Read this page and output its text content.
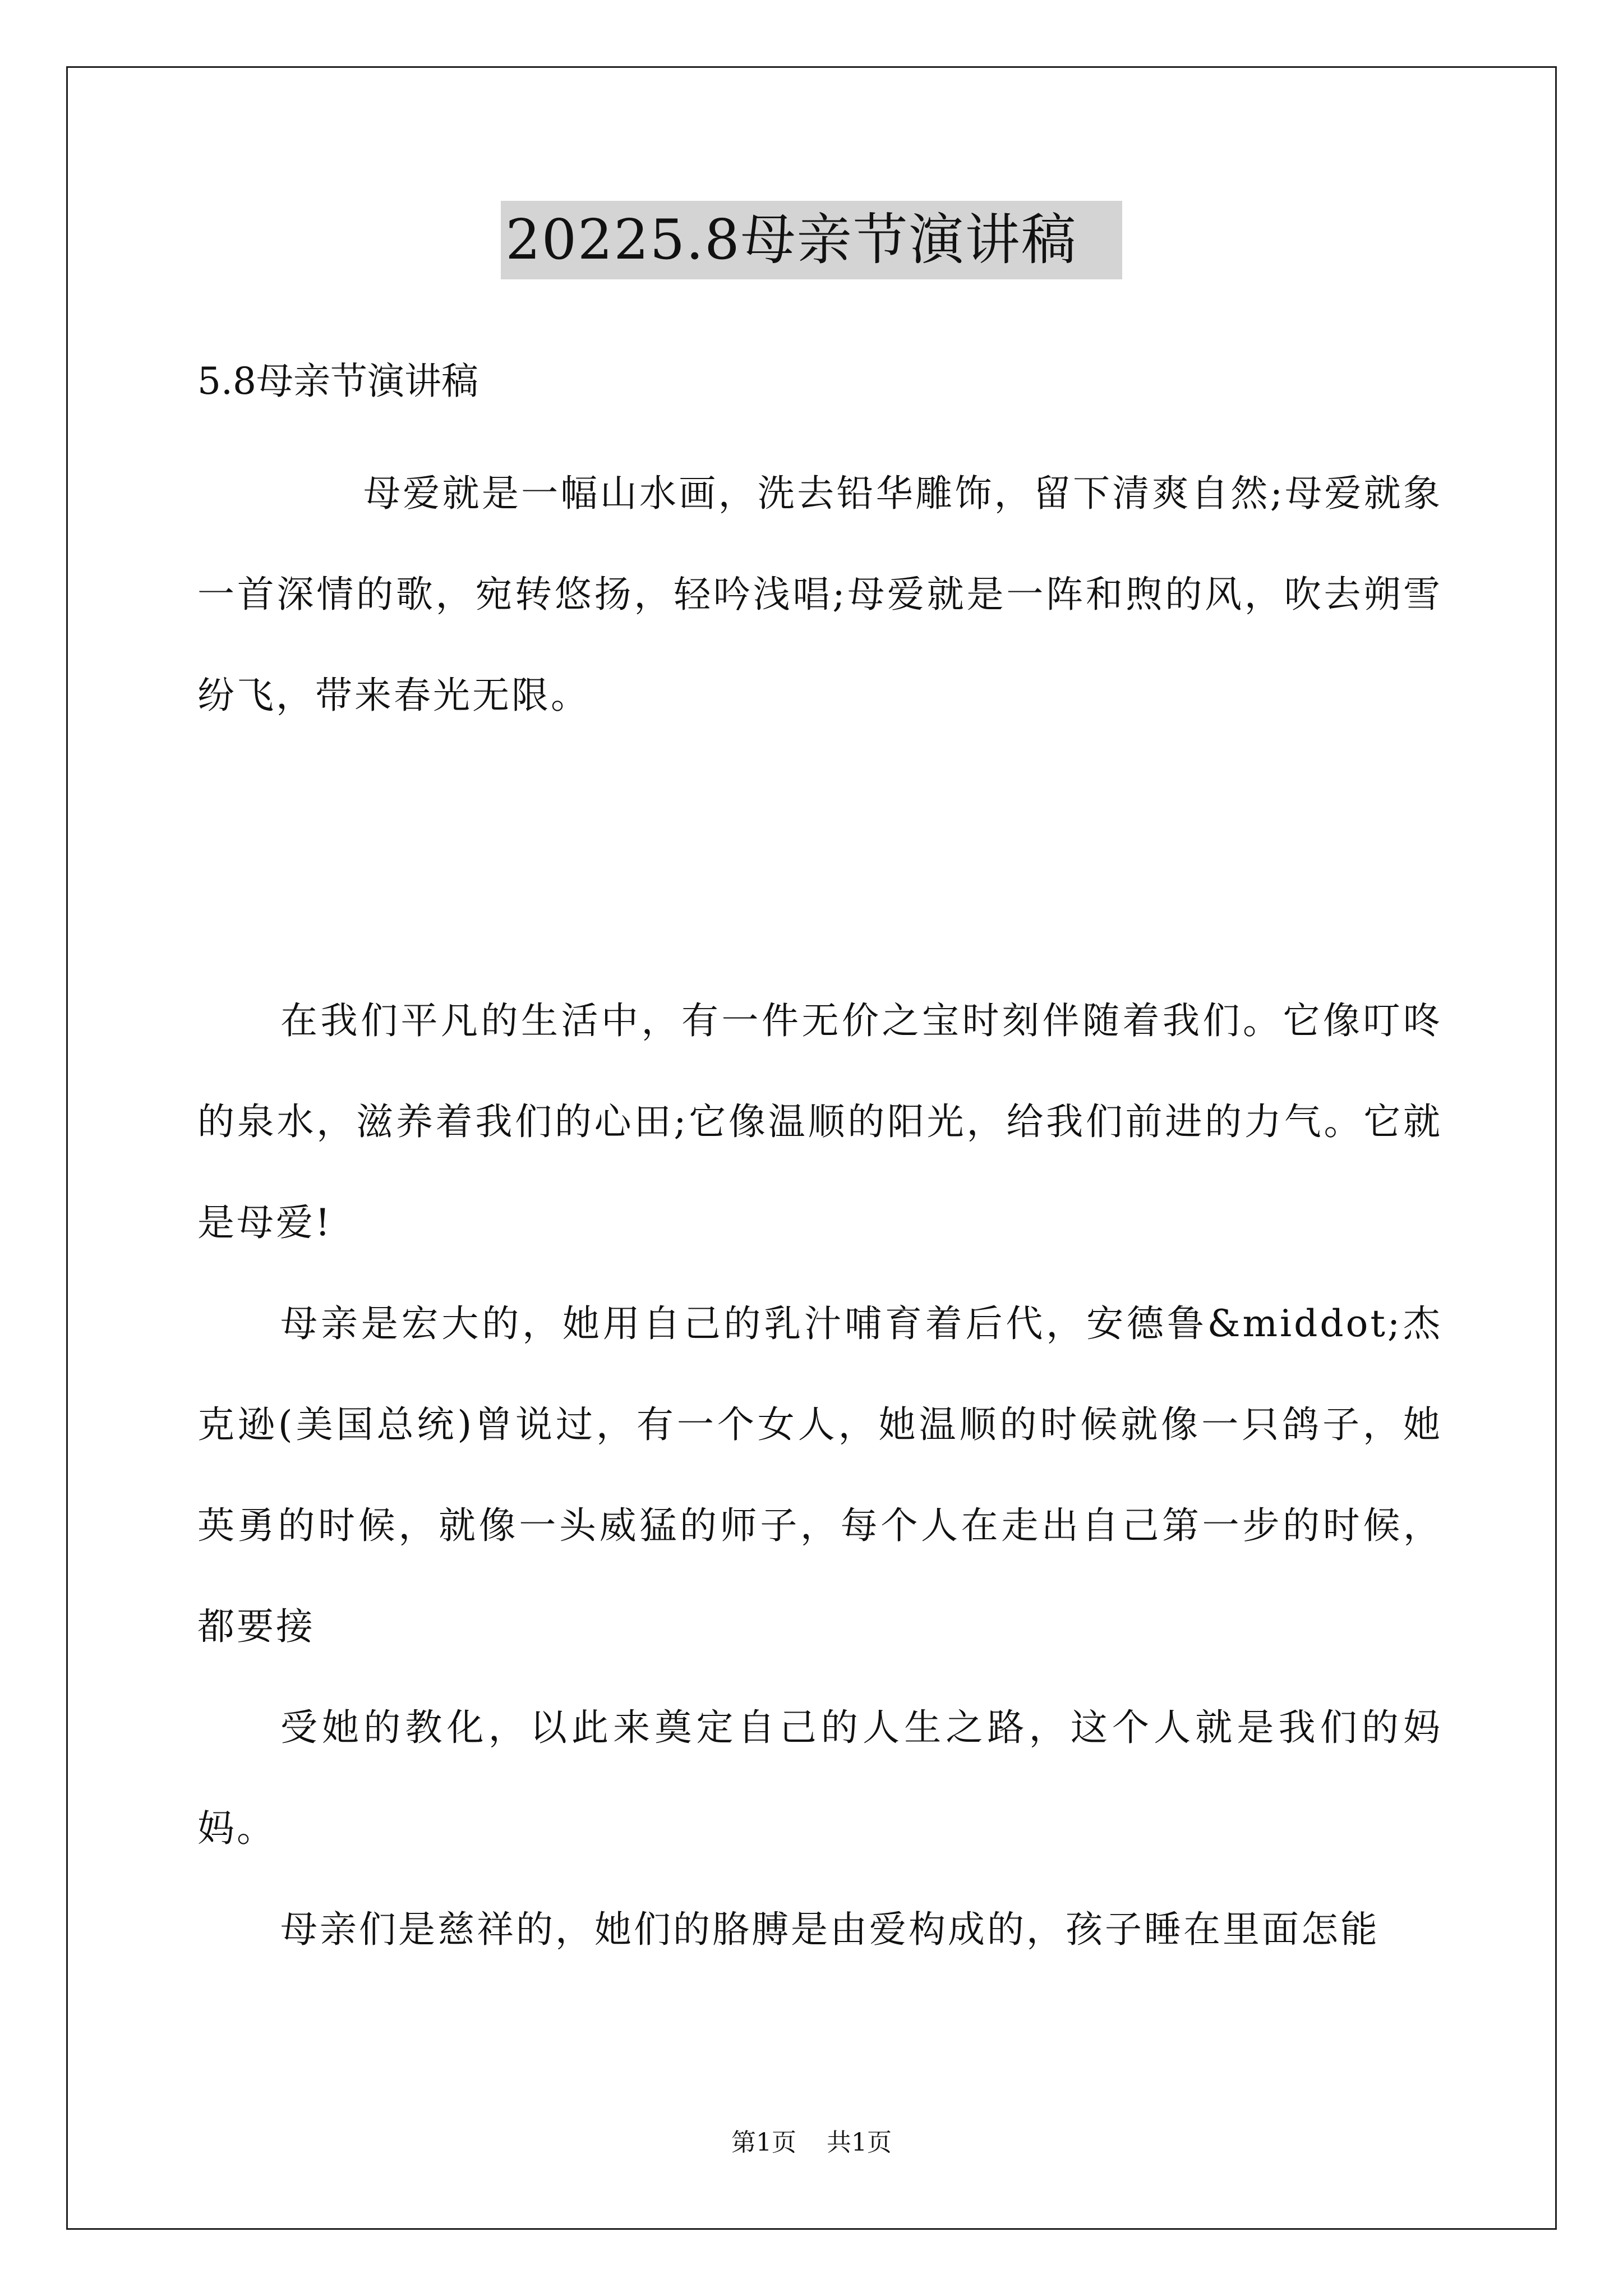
20225.8母亲节演讲稿
5.8母亲节演讲稿

母爱就是一幅山水画，洗去铅华雕饰，留下清爽自然;母爱就象一首深情的歌，宛转悠扬，轻吟浅唱;母爱就是一阵和煦的风，吹去朔雪纷飞，带来春光无限。

在我们平凡的生活中，有一件无价之宝时刻伴随着我们。它像叮咚的泉水，滋养着我们的心田;它像温顺的阳光，给我们前进的力气。它就是母爱!

母亲是宏大的，她用自己的乳汁哺育着后代，安德鲁&middot;杰克逊(美国总统)曾说过，有一个女人，她温顺的时候就像一只鸽子，她英勇的时候，就像一头威猛的师子，每个人在走出自己第一步的时候，都要接

受她的教化，以此来奠定自己的人生之路，这个人就是我们的妈妈。

母亲们是慈祥的，她们的胳膊是由爱构成的，孩子睡在里面怎能

第1页 共1页
